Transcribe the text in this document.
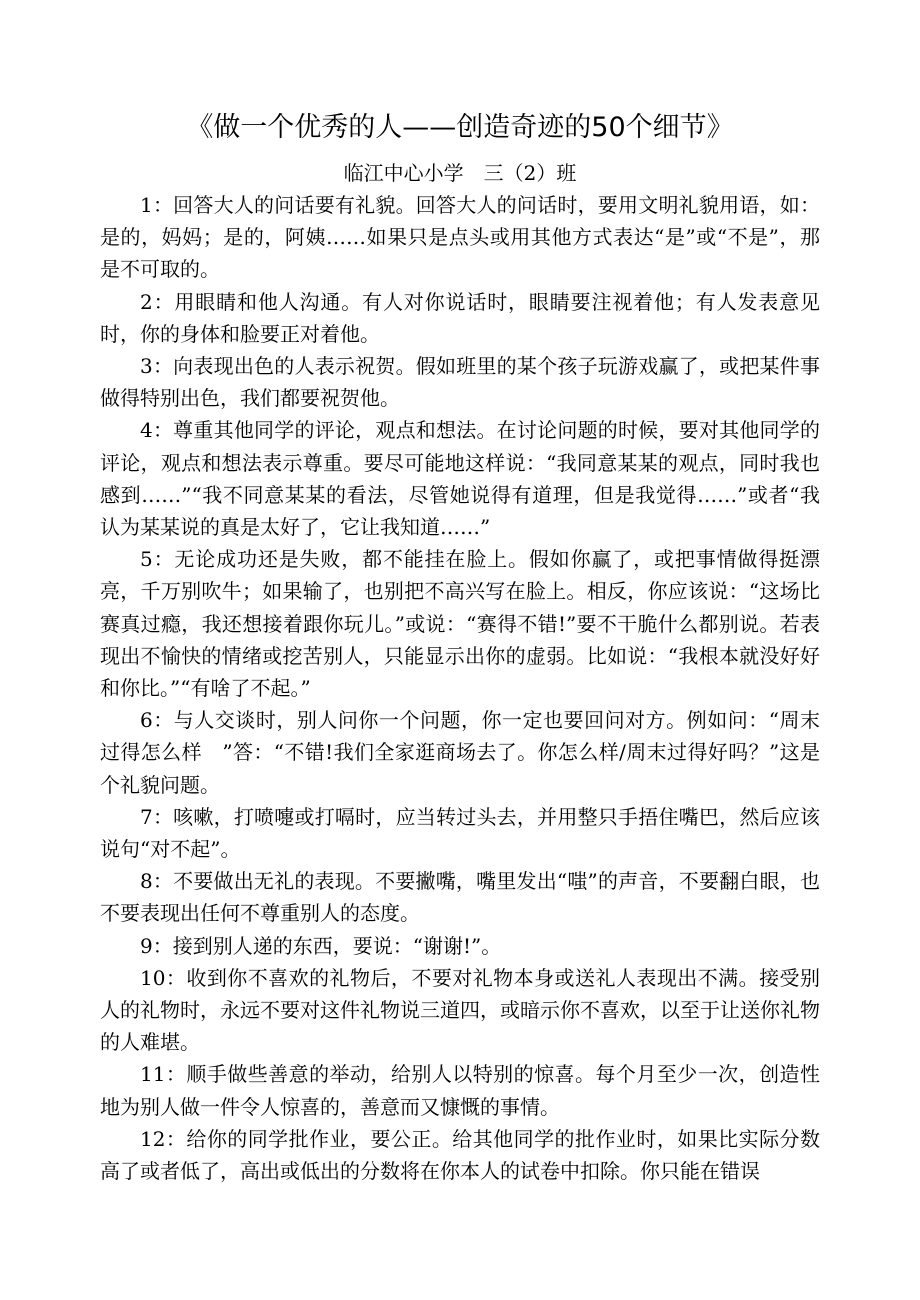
《做一个优秀的人——创造奇迹的50个细节》
临江中心小学　三（2）班

1：回答大人的问话要有礼貌。回答大人的问话时，要用文明礼貌用语，如：是的，妈妈；是的，阿姨……如果只是点头或用其他方式表达“是”或“不是”，那是不可取的。

2：用眼睛和他人沟通。有人对你说话时，眼睛要注视着他；有人发表意见时，你的身体和脸要正对着他。

3：向表现出色的人表示祝贺。假如班里的某个孩子玩游戏赢了，或把某件事做得特别出色，我们都要祝贺他。

4：尊重其他同学的评论，观点和想法。在讨论问题的时候，要对其他同学的评论，观点和想法表示尊重。要尽可能地这样说：“我同意某某的观点，同时我也感到……”“我不同意某某的看法，尽管她说得有道理，但是我觉得……”或者“我认为某某说的真是太好了，它让我知道……”

5：无论成功还是失败，都不能挂在脸上。假如你赢了，或把事情做得挺漂亮，千万别吹牛；如果输了，也别把不高兴写在脸上。相反，你应该说：“这场比赛真过瘾，我还想接着跟你玩儿。”或说：“赛得不错!”要不干脆什么都别说。若表现出不愉快的情绪或挖苦别人，只能显示出你的虚弱。比如说：“我根本就没好好和你比。”“有啥了不起。”

6：与人交谈时，别人问你一个问题，你一定也要回问对方。例如问：“周末过得怎么样　”答：“不错!我们全家逛商场去了。你怎么样/周末过得好吗？”这是个礼貌问题。

7：咳嗽，打喷嚏或打嗝时，应当转过头去，并用整只手捂住嘴巴，然后应该说句“对不起”。

8：不要做出无礼的表现。不要撇嘴，嘴里发出“嗤”的声音，不要翻白眼，也不要表现出任何不尊重别人的态度。

9：接到别人递的东西，要说：“谢谢!”。

10：收到你不喜欢的礼物后，不要对礼物本身或送礼人表现出不满。接受别人的礼物时，永远不要对这件礼物说三道四，或暗示你不喜欢，以至于让送你礼物的人难堪。

11：顺手做些善意的举动，给别人以特别的惊喜。每个月至少一次，创造性地为别人做一件令人惊喜的，善意而又慷慨的事情。

12：给你的同学批作业，要公正。给其他同学的批作业时，如果比实际分数高了或者低了，高出或低出的分数将在你本人的试卷中扣除。你只能在错误
